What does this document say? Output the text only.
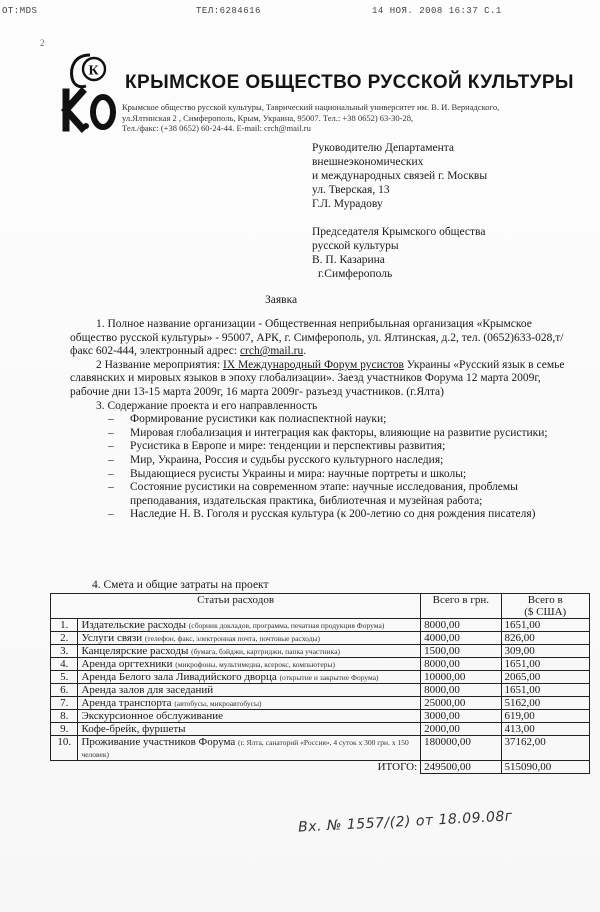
OT:MDS	ТЕЛ:6284616	14 НОЯ. 2008 16:37 С.1
2
К
КРЫМСКОЕ ОБЩЕСТВО РУССКОЙ КУЛЬТУРЫ
Крымское общество русской культуры, Таврический национальный университет им. В. И. Вернадского,
ул.Ялтинская 2 , Симферополь, Крым, Украина, 95007. Тел.: +38 0652) 63-30-28,
Тел./факс: (+38 0652) 60-24-44. E-mail: crch@mail.ru
Руководителю Департамента
внешнеэкономических
и международных связей г. Москвы
ул. Тверская, 13
Г.Л. Мурадову
Председателя Крымского общества
русской культуры
В. П. Казарина
г.Симферополь
Заявка

1. Полное название организации - Общественная неприбыльная организация «Крымское общество русской культуры» - 95007, АРК, г. Симферополь, ул. Ялтинская, д.2, тел. (0652)633-028,т/факс 602-444, электронный адрес: crch@mail.ru.

2 Название мероприятия: IX Международный Форум русистов Украины «Русский язык в семье славянских и мировых языков в эпоху глобализации». Заезд участников Форума 12 марта 2009г, рабочие дни 13-15 марта 2009г, 16 марта 2009г- разъезд участников. (г.Ялта)

3. Содержание проекта и его направленность

– Формирование русистики как полиаспектной науки;
– Мировая глобализация и интеграция как факторы, влияющие на развитие русистики;
– Русистика в Европе и мире: тенденции и перспективы развития;
– Мир, Украина, Россия и судьбы русского культурного наследия;
– Выдающиеся русисты Украины и мира: научные портреты и школы;
– Состояние русистики на современном этапе: научные исследования, проблемы преподавания, издательская практика, библиотечная и музейная работа;
– Наследие Н. В. Гоголя и русская культура (к 200-летию со дня рождения писателя)
4. Смета и общие затраты на проект
Статьи расходов		Всего в грн.	Всего в
($ США)
1.	Издательские расходы (сборник докладов, программа, печатная продукция Форума)	8000,00	1651,00
2.	Услуги связи (телефон, факс, электронная почта, почтовые расходы)	4000,00	826,00
3.	Канцелярские расходы (бумага, бэйджи, картриджи, папка участника)	1500,00	309,00
4.	Аренда оргтехники (микрофоны, мультимедиа, ксерокс, компьютеры)	8000,00	1651,00
5.	Аренда Белого зала Ливадийского дворца (открытие и закрытие Форума)	10000,00	2065,00
6.	Аренда залов для заседаний	8000,00	1651,00
7.	Аренда транспорта (автобусы, микроавтобусы)	25000,00	5162,00
8.	Экскурсионное обслуживание	3000,00	619,00
9.	Кофе-брейк, фуршеты	2000,00	413,00
10.	Проживание участников Форума (г. Ялта, санаторий «Россия», 4 суток х 300 грн. х 150 человек)	180000,00	37162,00
ИТОГО:		249500,00	515090,00
Вх. № 1557/(2) от 18.09.08г
